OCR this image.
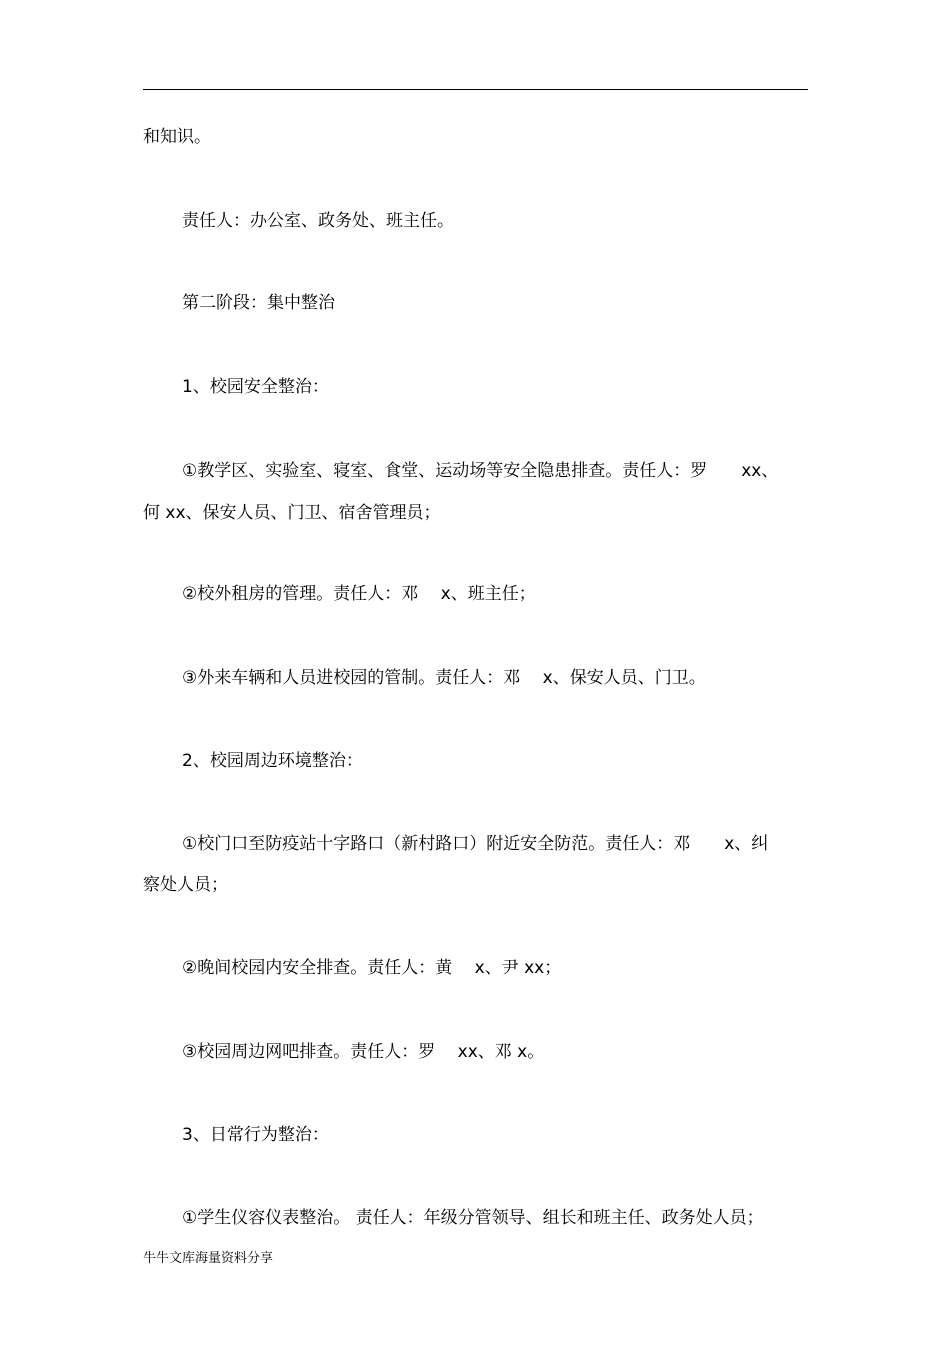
和知识。
责任人：办公室、政务处、班主任。
第二阶段：集中整治
1、校园安全整治：
①教学区、实验室、寝室、食堂、运动场等安全隐患排查。责任人：罗　　xx、
何 xx、保安人员、门卫、宿舍管理员；
②校外租房的管理。责任人：邓　 x、班主任；
③外来车辆和人员进校园的管制。责任人：邓　 x、保安人员、门卫。
2、校园周边环境整治：
①校门口至防疫站十字路口（新村路口）附近安全防范。责任人：邓　　x、纠
察处人员；
②晚间校园内安全排查。责任人：黄　 x、尹 xx；
③校园周边网吧排查。责任人：罗　 xx、邓 x。
3、日常行为整治：
①学生仪容仪表整治。 责任人：年级分管领导、组长和班主任、政务处人员；
牛牛文库海量资料分享
